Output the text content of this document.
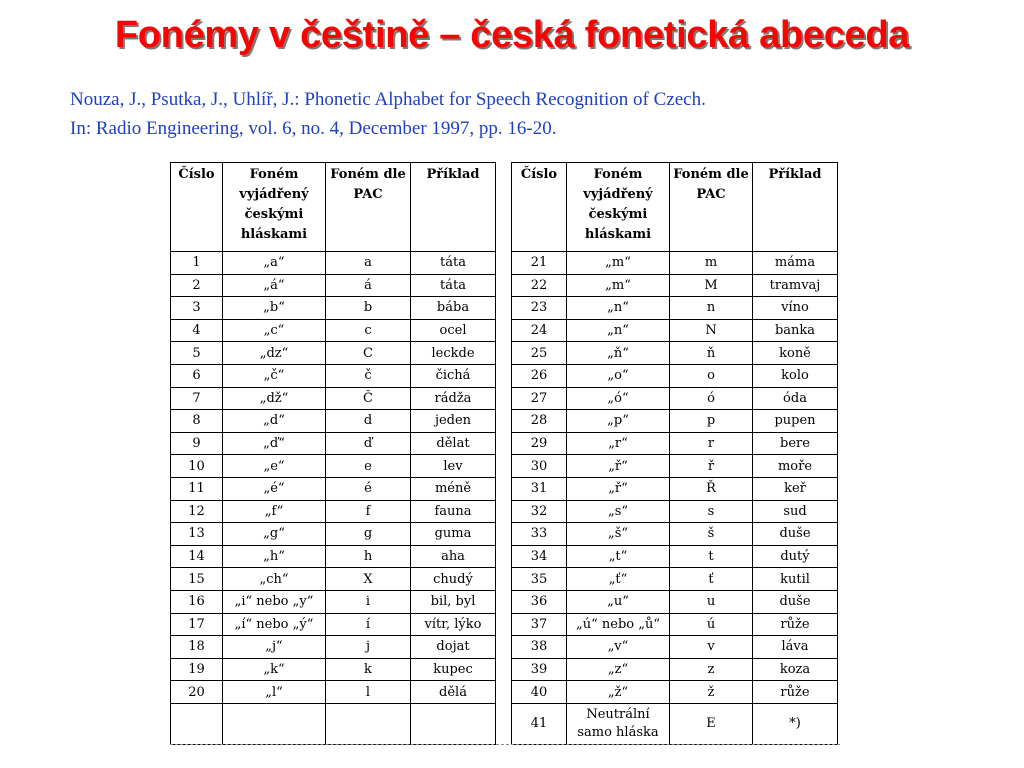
Fonémy v češtině – česká fonetická abeceda
Nouza, J., Psutka, J., Uhlíř, J.: Phonetic Alphabet for Speech Recognition of Czech.
In: Radio Engineering, vol. 6, no. 4, December 1997, pp. 16-20.
Číslo	Foném vyjádřený českými hláskami	Foném dle PAC	Příklad
1	„a“	a	táta
2	„á“	á	táta
3	„b“	b	bába
4	„c“	c	ocel
5	„dz“	C	leckde
6	„č“	č	čichá
7	„dž“	Č	rádža
8	„d“	d	jeden
9	„ď“	ď	dělat
10	„e“	e	lev
11	„é“	é	méně
12	„f“	f	fauna
13	„g“	g	guma
14	„h“	h	aha
15	„ch“	X	chudý
16	„i“ nebo „y“	i	bil, byl
17	„í“ nebo „ý“	í	vítr, lýko
18	„j“	j	dojat
19	„k“	k	kupec
20	„l“	l	dělá

Číslo	Foném vyjádřený českými hláskami	Foném dle PAC	Příklad
21	„m“	m	máma
22	„m“	M	tramvaj
23	„n“	n	víno
24	„n“	N	banka
25	„ň“	ň	koně
26	„o“	o	kolo
27	„ó“	ó	óda
28	„p“	p	pupen
29	„r“	r	bere
30	„ř“	ř	moře
31	„ř“	Ř	keř
32	„s“	s	sud
33	„š“	š	duše
34	„t“	t	dutý
35	„ť“	ť	kutil
36	„u“	u	duše
37	„ú“ nebo „ů“	ú	růže
38	„v“	v	láva
39	„z“	z	koza
40	„ž“	ž	růže
41	Neutrální samo hláska	E	*)
